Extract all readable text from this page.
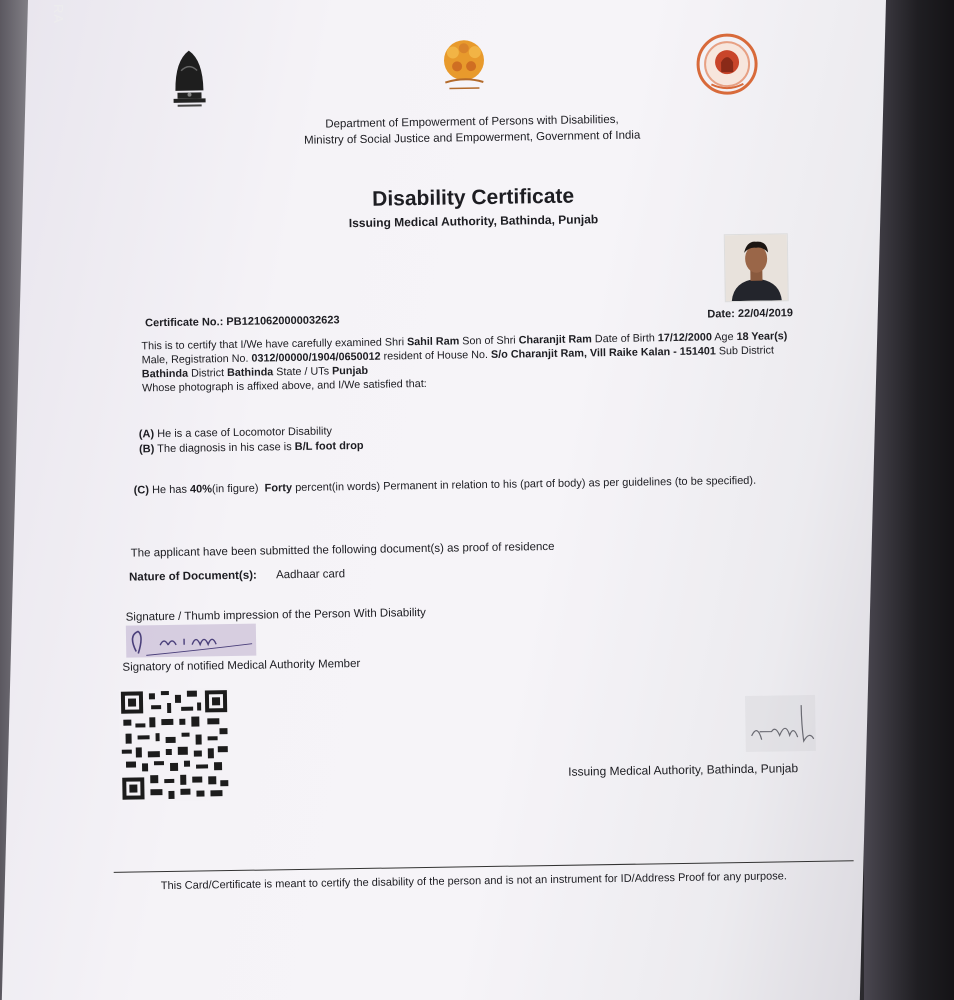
RA
Department of Empowerment of Persons with Disabilities,
Ministry of Social Justice and Empowerment, Government of India
Disability Certificate
Issuing Medical Authority, Bathinda, Punjab
Certificate No.: PB1210620000032623	Date: 22/04/2019
This is to certify that I/We have carefully examined Shri Sahil Ram Son of Shri Charanjit Ram Date of Birth 17/12/2000 Age 18 Year(s) Male, Registration No. 0312/00000/1904/0650012 resident of House No. S/o Charanjit Ram, Vill Raike Kalan - 151401 Sub District Bathinda District Bathinda State / UTs Punjab
Whose photograph is affixed above, and I/We satisfied that:
(A) He is a case of Locomotor Disability
(B) The diagnosis in his case is B/L foot drop
(C) He has 40%(in figure) Forty percent(in words) Permanent in relation to his (part of body) as per guidelines (to be specified).
The applicant have been submitted the following document(s) as proof of residence
Nature of Document(s): Aadhaar card
Signature / Thumb impression of the Person With Disability
Signatory of notified Medical Authority Member
Issuing Medical Authority, Bathinda, Punjab
This Card/Certificate is meant to certify the disability of the person and is not an instrument for ID/Address Proof for any purpose.
